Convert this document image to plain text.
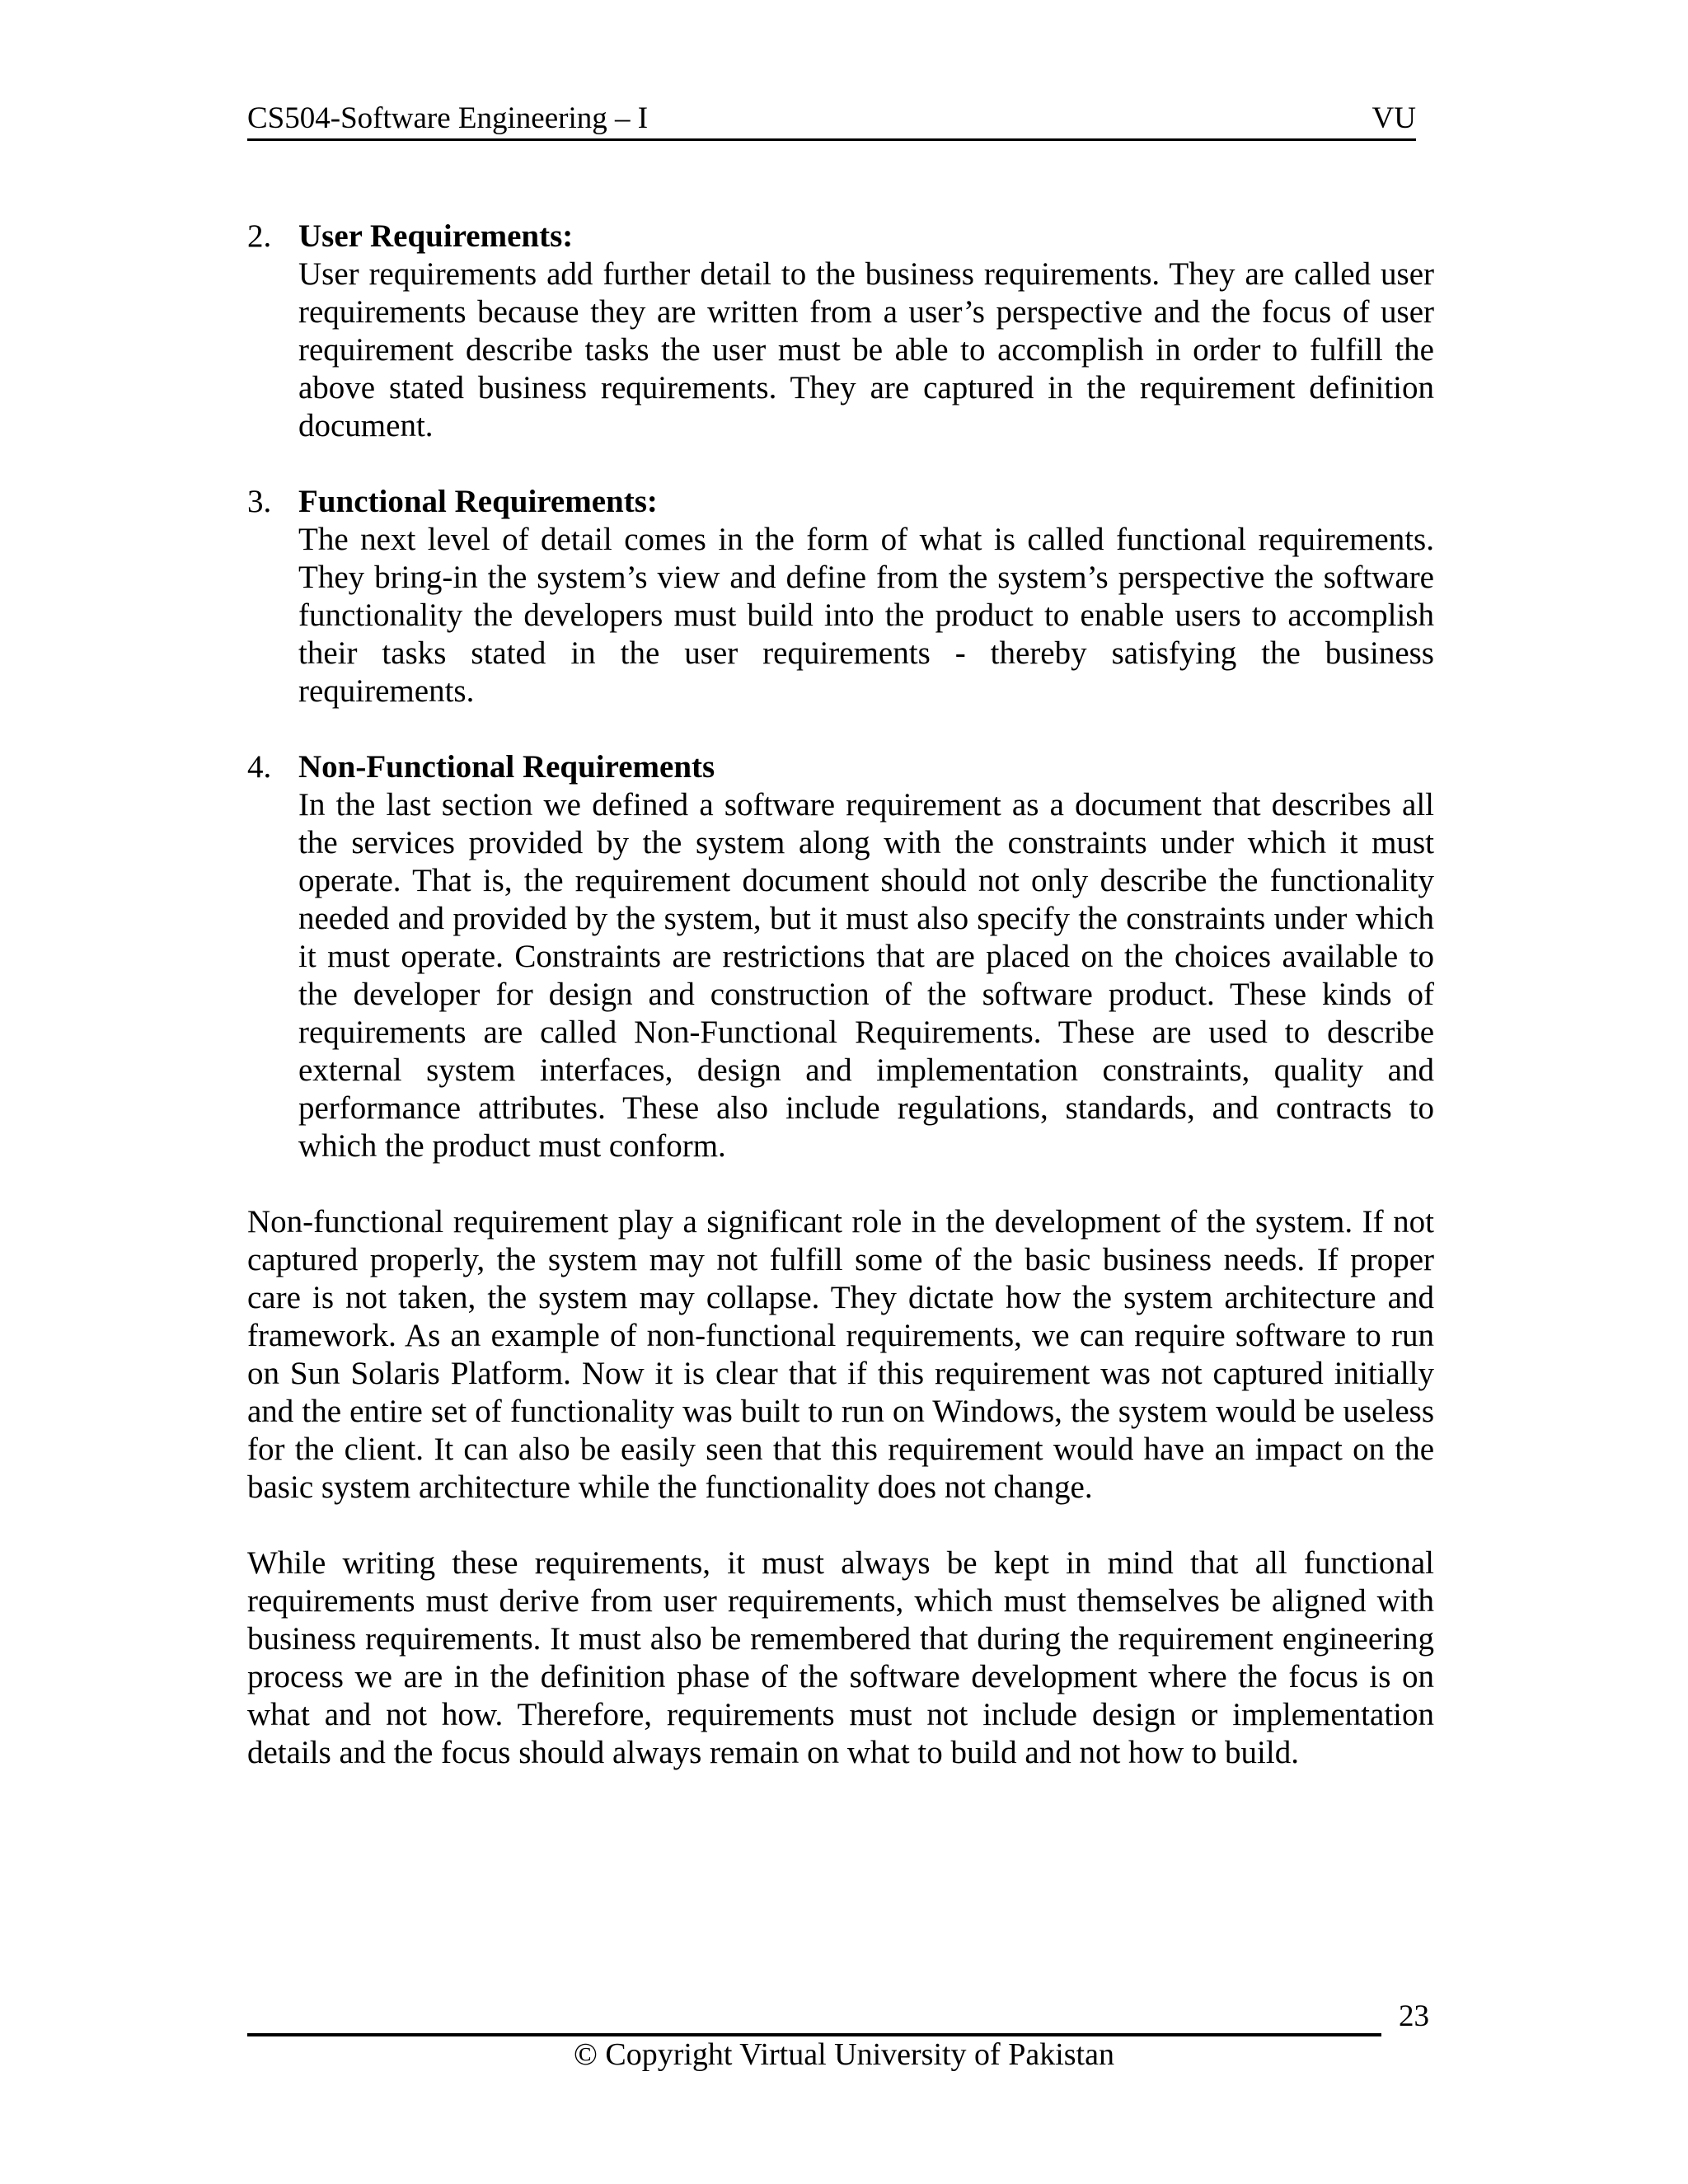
CS504-Software Engineering – I	VU
2. User Requirements:
User requirements add further detail to the business requirements. They are called user requirements because they are written from a user’s perspective and the focus of user requirement describe tasks the user must be able to accomplish in order to fulfill the above stated business requirements. They are captured in the requirement definition document.
3. Functional Requirements:
The next level of detail comes in the form of what is called functional requirements. They bring-in the system’s view and define from the system’s perspective the software functionality the developers must build into the product to enable users to accomplish their tasks stated in the user requirements - thereby satisfying the business requirements.
4. Non-Functional Requirements
In the last section we defined a software requirement as a document that describes all the services provided by the system along with the constraints under which it must operate. That is, the requirement document should not only describe the functionality needed and provided by the system, but it must also specify the constraints under which it must operate. Constraints are restrictions that are placed on the choices available to the developer for design and construction of the software product. These kinds of requirements are called Non-Functional Requirements. These are used to describe external system interfaces, design and implementation constraints, quality and performance attributes. These also include regulations, standards, and contracts to which the product must conform.

Non-functional requirement play a significant role in the development of the system. If not captured properly, the system may not fulfill some of the basic business needs. If proper care is not taken, the system may collapse. They dictate how the system architecture and framework. As an example of non-functional requirements, we can require software to run on Sun Solaris Platform. Now it is clear that if this requirement was not captured initially and the entire set of functionality was built to run on Windows, the system would be useless for the client. It can also be easily seen that this requirement would have an impact on the basic system architecture while the functionality does not change.

While writing these requirements, it must always be kept in mind that all functional requirements must derive from user requirements, which must themselves be aligned with business requirements. It must also be remembered that during the requirement engineering process we are in the definition phase of the software development where the focus is on what and not how. Therefore, requirements must not include design or implementation details and the focus should always remain on what to build and not how to build.

23
© Copyright Virtual University of Pakistan
